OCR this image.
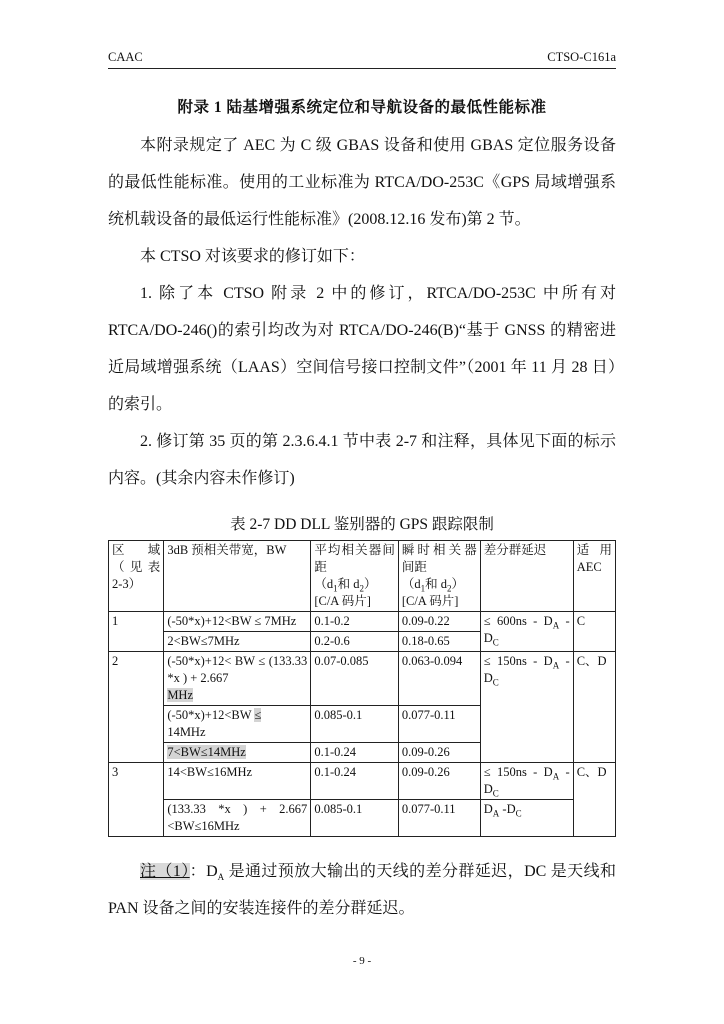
CAAC	CTSO-C161a
附录 1 陆基增强系统定位和导航设备的最低性能标准
本附录规定了 AEC 为 C 级 GBAS 设备和使用 GBAS 定位服务设备的最低性能标准。使用的工业标准为 RTCA/DO-253C《GPS 局域增强系统机载设备的最低运行性能标准》(2008.12.16 发布)第 2 节。
本 CTSO 对该要求的修订如下：
1. 除了本 CTSO 附录 2 中的修订，RTCA/DO-253C 中所有对 RTCA/DO-246()的索引均改为对 RTCA/DO-246(B)“基于 GNSS 的精密进近局域增强系统（LAAS）空间信号接口控制文件”（2001 年 11 月 28 日）的索引。
2. 修订第 35 页的第 2.3.6.4.1 节中表 2-7 和注释，具体见下面的标示内容。(其余内容未作修订)
表 2-7 DD DLL 鉴别器的 GPS 跟踪限制
区域（见表 2-3）	3dB 预相关带宽，BW	平均相关器间距
（$d_1$和 $d_2$）
[C/A 码片]	瞬时相关器间距
（$d_1$和 $d_2$）
[C/A 码片]	差分群延迟	适用 AEC
1	(-50*x)+12<BW ≤ 7MHz	0.1-0.2	0.09-0.22	≤ $600ns - D_A$ $-D_C$	C
	2<BW≤7MHz	0.2-0.6	0.18-0.65		
2	(-50*x)+12< BW ≤ (133.33 *x ) + 2.667
MHz	0.07-0.085	0.063-0.094	≤ $150ns - D_A$ $-D_C$	C、D
	(-50*x)+12<BW ≤
14MHz	0.085-0.1	0.077-0.11		
	7<BW≤14MHz	0.1-0.24	0.09-0.26		
3	14<BW≤16MHz	0.1-0.24	0.09-0.26	≤ $150ns - D_A$ $-D_C$	C、D
	(133.33 *x ) + 2.667 <BW≤16MHz	0.085-0.1	0.077-0.11	$D_A$ $-D_C$
注（1）：$D_A$ 是通过预放大输出的天线的差分群延迟，DC 是天线和 PAN 设备之间的安装连接件的差分群延迟。
- 9 -
